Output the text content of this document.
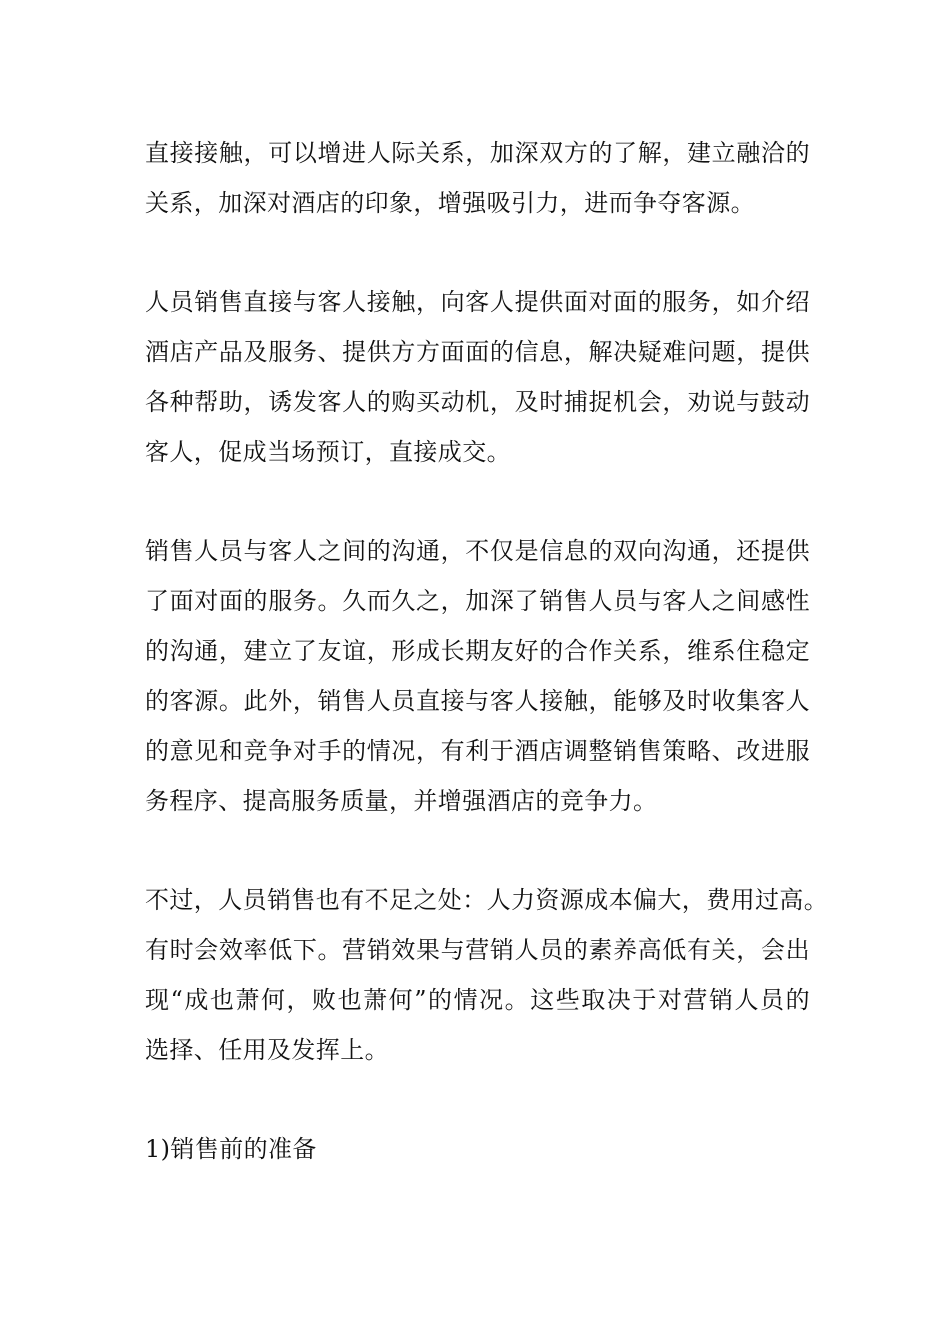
直接接触，可以增进人际关系，加深双方的了解，建立融洽的
关系，加深对酒店的印象，增强吸引力，进而争夺客源。
人员销售直接与客人接触，向客人提供面对面的服务，如介绍
酒店产品及服务、提供方方面面的信息，解决疑难问题，提供
各种帮助，诱发客人的购买动机，及时捕捉机会，劝说与鼓动
客人，促成当场预订，直接成交。
销售人员与客人之间的沟通，不仅是信息的双向沟通，还提供
了面对面的服务。久而久之，加深了销售人员与客人之间感性
的沟通，建立了友谊，形成长期友好的合作关系，维系住稳定
的客源。此外，销售人员直接与客人接触，能够及时收集客人
的意见和竞争对手的情况，有利于酒店调整销售策略、改进服
务程序、提高服务质量，并增强酒店的竞争力。
不过，人员销售也有不足之处：人力资源成本偏大，费用过高。
有时会效率低下。营销效果与营销人员的素养高低有关，会出
现“成也萧何，败也萧何”的情况。这些取决于对营销人员的
选择、任用及发挥上。
1)销售前的准备
